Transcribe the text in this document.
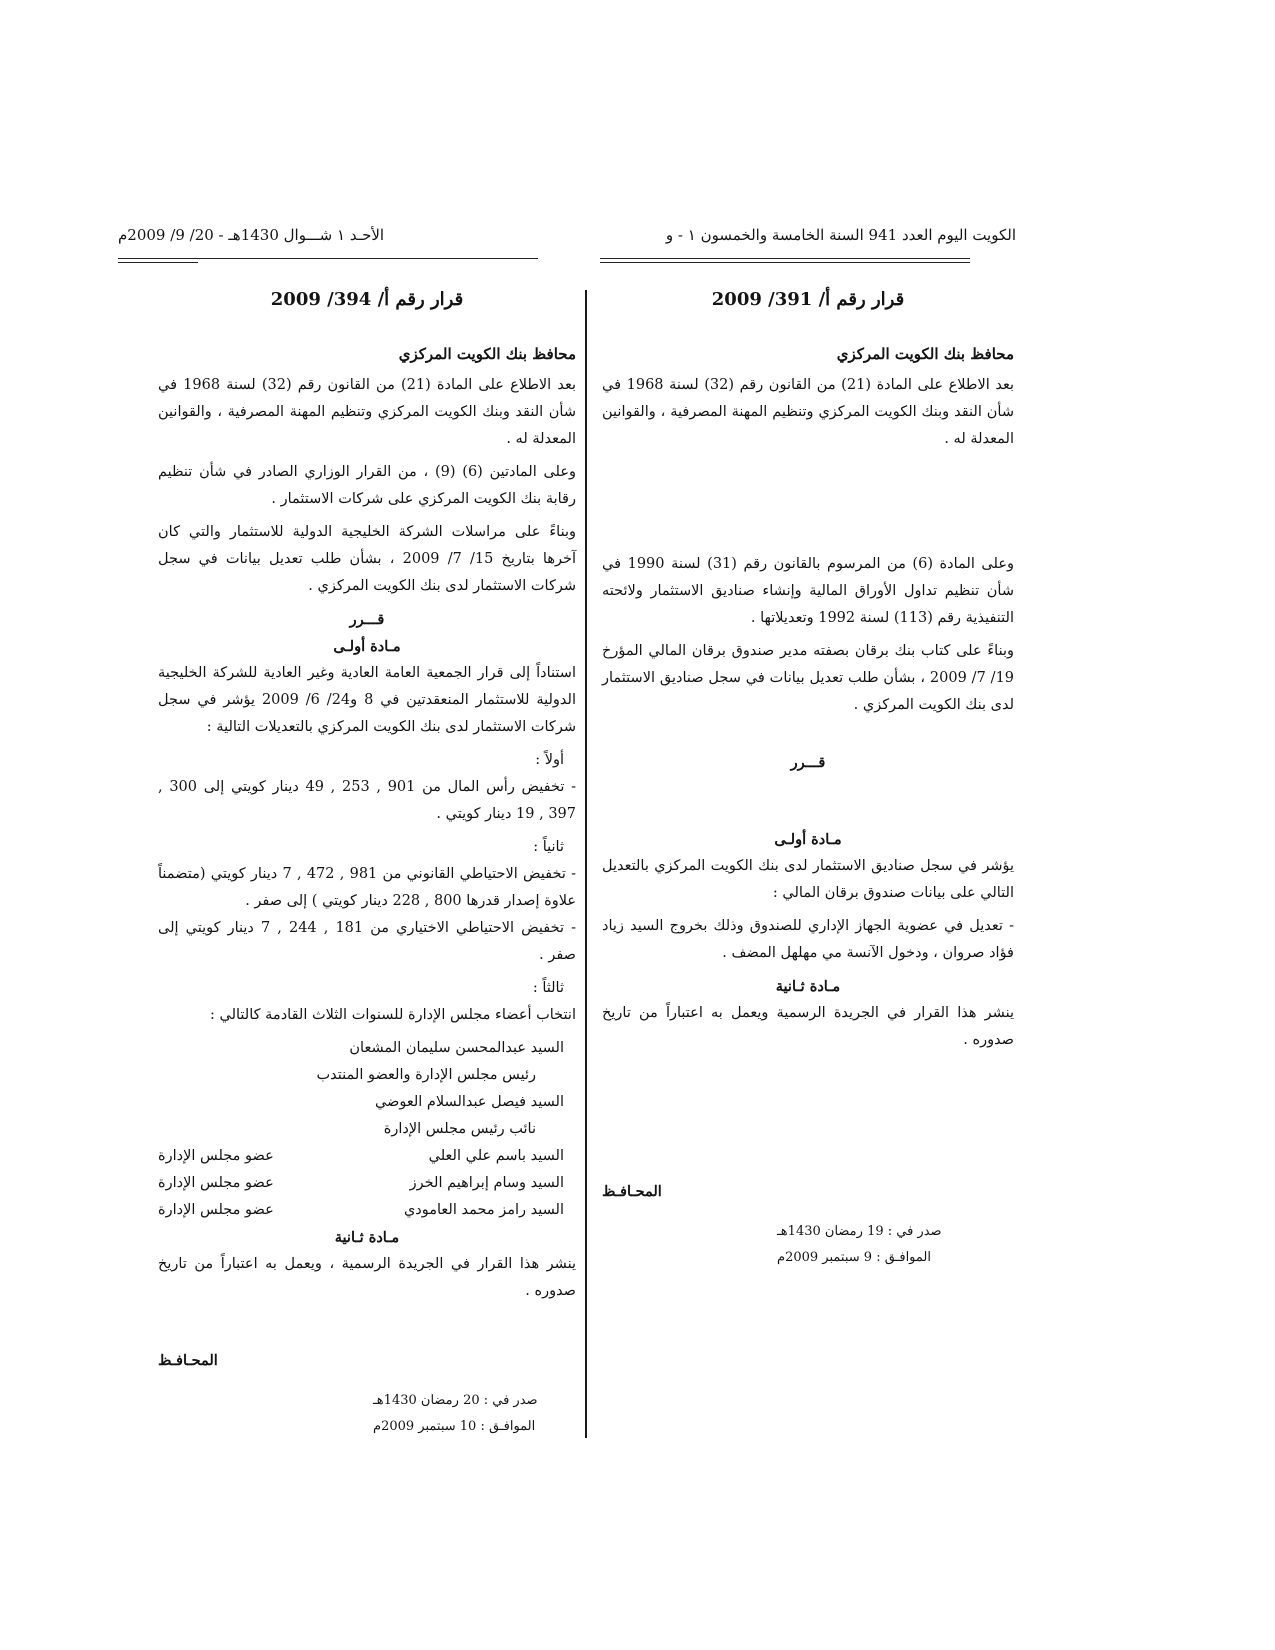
الكويت اليوم العدد 941 السنة الخامسة والخمسون ١ - و
الأحـد ١ شـــوال 1430هـ - 20/ 9/ 2009م
قرار رقم أ/ 391/ 2009
محافظ بنك الكويت المركزي

بعد الاطلاع على المادة (21) من القانون رقم (32) لسنة 1968 في شأن النقد وبنك الكويت المركزي وتنظيم المهنة المصرفية ، والقوانين المعدلة له .

وعلى المادة (6) من المرسوم بالقانون رقم (31) لسنة 1990 في شأن تنظيم تداول الأوراق المالية وإنشاء صناديق الاستثمار ولائحته التنفيذية رقم (113) لسنة 1992 وتعديلاتها .

وبناءً على كتاب بنك برقان بصفته مدير صندوق برقان المالي المؤرخ 19/ 7/ 2009 ، بشأن طلب تعديل بيانات في سجل صناديق الاستثمار لدى بنك الكويت المركزي .

قـــرر

مـادة أولـى

يؤشر في سجل صناديق الاستثمار لدى بنك الكويت المركزي بالتعديل التالي على بيانات صندوق برقان المالي :

- تعديل في عضوية الجهاز الإداري للصندوق وذلك بخروج السيد زياد فؤاد صروان ، ودخول الآنسة مي مهلهل المضف .

مـادة ثـانية

ينشر هذا القرار في الجريدة الرسمية ويعمل به اعتباراً من تاريخ صدوره .

المحـافـظ
صدر في : 19 رمضان 1430هـ
الموافـق : 9 سبتمبر 2009م
قرار رقم أ/ 394/ 2009
محافظ بنك الكويت المركزي

بعد الاطلاع على المادة (21) من القانون رقم (32) لسنة 1968 في شأن النقد وبنك الكويت المركزي وتنظيم المهنة المصرفية ، والقوانين المعدلة له .

وعلى المادتين (6) (9) ، من القرار الوزاري الصادر في شأن تنظيم رقابة بنك الكويت المركزي على شركات الاستثمار .

وبناءً على مراسلات الشركة الخليجية الدولية للاستثمار والتي كان آخرها بتاريخ 15/ 7/ 2009 ، بشأن طلب تعديل بيانات في سجل شركات الاستثمار لدى بنك الكويت المركزي .

قـــرر

مـادة أولـى

استناداً إلى قرار الجمعية العامة العادية وغير العادية للشركة الخليجية الدولية للاستثمار المنعقدتين في 8 و24/ 6/ 2009 يؤشر في سجل شركات الاستثمار لدى بنك الكويت المركزي بالتعديلات التالية :

أولاً :

- تخفيض رأس المال من 901 , 253 , 49 دينار كويتي إلى 300 , 397 , 19 دينار كويتي .

ثانياً :

- تخفيض الاحتياطي القانوني من 981 , 472 , 7 دينار كويتي (متضمناً علاوة إصدار قدرها 800 , 228 دينار كويتي ) إلى صفر .

- تخفيض الاحتياطي الاختياري من 181 , 244 , 7 دينار كويتي إلى صفر .

ثالثاً :

انتخاب أعضاء مجلس الإدارة للسنوات الثلاث القادمة كالتالي :

السيد عبدالمحسن سليمان المشعان
رئيس مجلس الإدارة والعضو المنتدب
السيد فيصل عبدالسلام العوضي
نائب رئيس مجلس الإدارة
السيد باسم علي العلي
عضو مجلس الإدارة
السيد وسام إبراهيم الخرز
عضو مجلس الإدارة
السيد رامز محمد العامودي
عضو مجلس الإدارة

مـادة ثـانية

ينشر هذا القرار في الجريدة الرسمية ، ويعمل به اعتباراً من تاريخ صدوره .

المحـافـظ
صدر في : 20 رمضان 1430هـ
الموافـق : 10 سبتمبر 2009م
